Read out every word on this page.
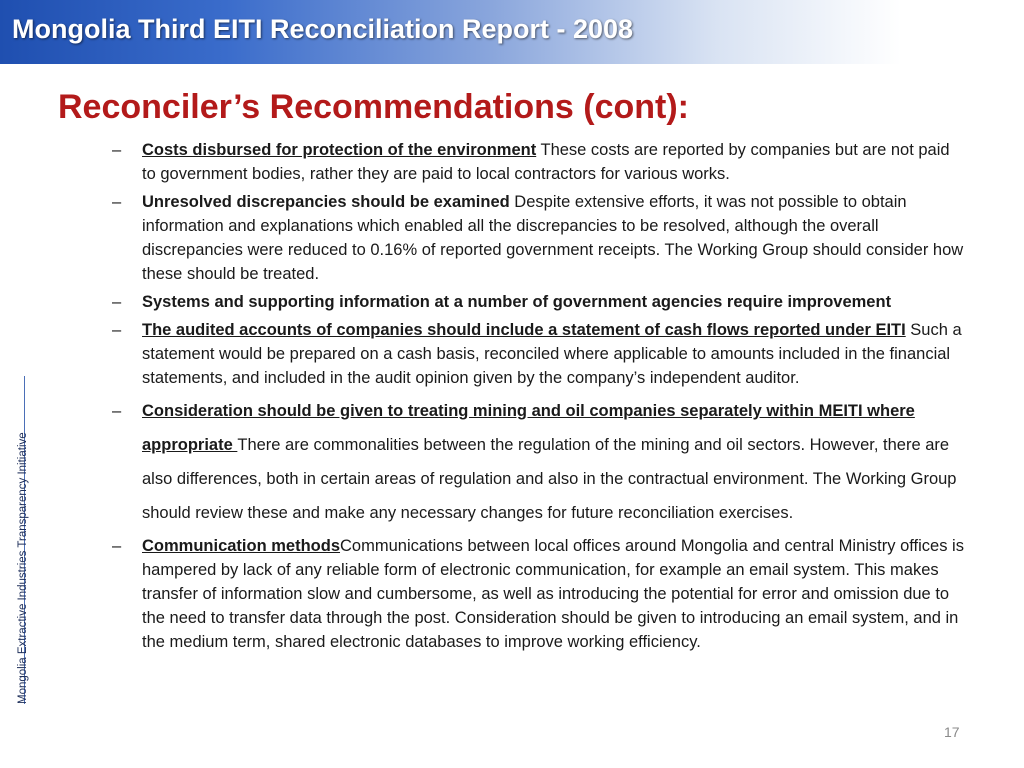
Mongolia Third EITI Reconciliation Report - 2008
Reconciler’s Recommendations (cont):
Mongolia Extractive Industries Transparency Initiative
– Costs disbursed for protection of the environment These costs are reported by companies but are not paid to government bodies, rather they are paid to local contractors for various works.
– Unresolved discrepancies should be examined Despite extensive efforts, it was not possible to obtain information and explanations which enabled all the discrepancies to be resolved, although the overall discrepancies were reduced to 0.16% of reported government receipts. The Working Group should consider how these should be treated.
– Systems and supporting information at a number of government agencies require improvement
– The audited accounts of companies should include a statement of cash flows reported under EITI Such a statement would be prepared on a cash basis, reconciled where applicable to amounts included in the financial statements, and included in the audit opinion given by the company’s independent auditor.
– Consideration should be given to treating mining and oil companies separately within MEITI where appropriate There are commonalities between the regulation of the mining and oil sectors. However, there are also differences, both in certain areas of regulation and also in the contractual environment. The Working Group should review these and make any necessary changes for future reconciliation exercises.
– Communication methodsCommunications between local offices around Mongolia and central Ministry offices is hampered by lack of any reliable form of electronic communication, for example an email system. This makes transfer of information slow and cumbersome, as well as introducing the potential for error and omission due to the need to transfer data through the post. Consideration should be given to introducing an email system, and in the medium term, shared electronic databases to improve working efficiency.
17
